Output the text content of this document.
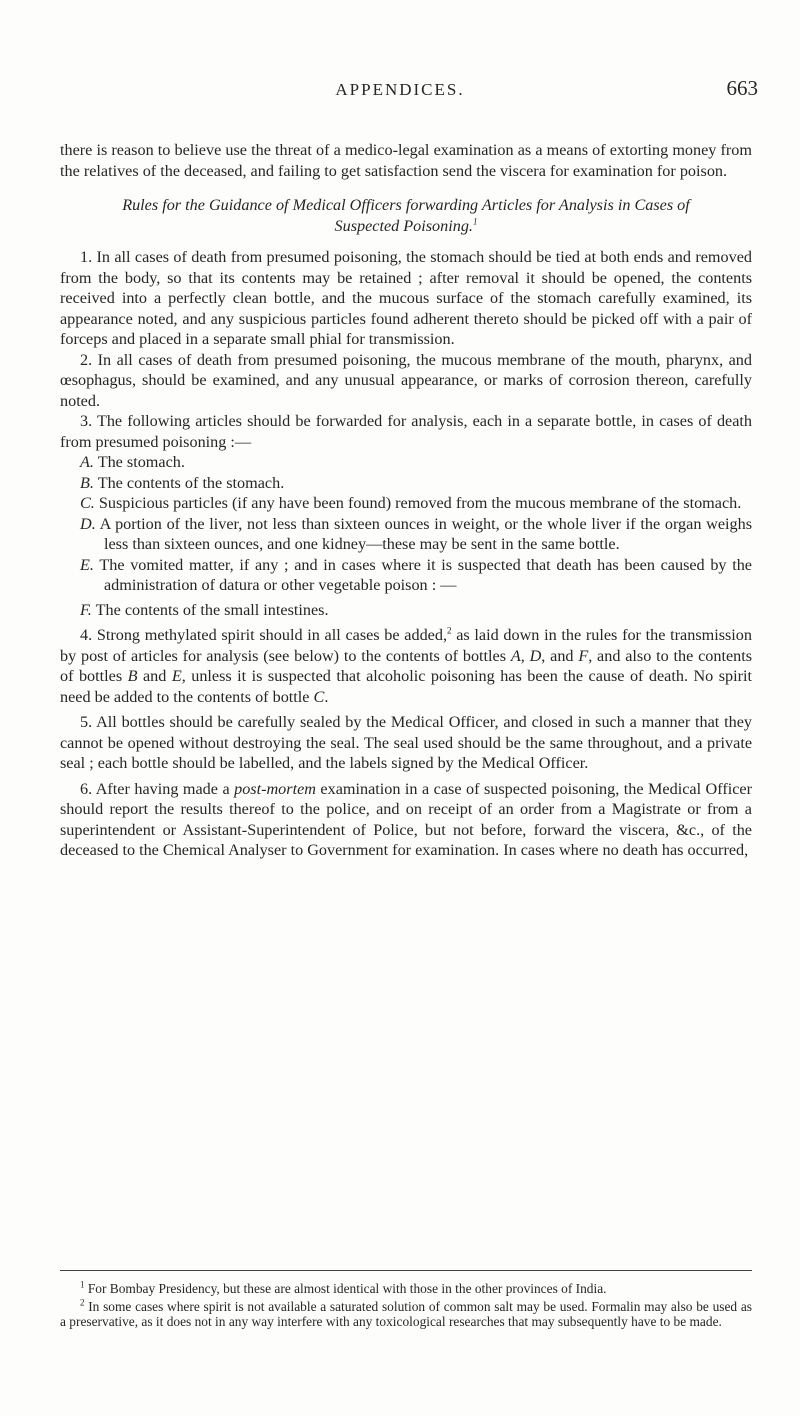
APPENDICES.	663

there is reason to believe use the threat of a medico-legal examination as a means of extorting money from the relatives of the deceased, and failing to get satisfaction send the viscera for examination for poison.

Rules for the Guidance of Medical Officers forwarding Articles for Analysis in Cases of Suspected Poisoning.$^1$

1. In all cases of death from presumed poisoning, the stomach should be tied at both ends and removed from the body, so that its contents may be retained ; after removal it should be opened, the contents received into a perfectly clean bottle, and the mucous surface of the stomach carefully examined, its appearance noted, and any suspicious particles found adherent thereto should be picked off with a pair of forceps and placed in a separate small phial for transmission.

2. In all cases of death from presumed poisoning, the mucous membrane of the mouth, pharynx, and œsophagus, should be examined, and any unusual appearance, or marks of corrosion thereon, carefully noted.

3. The following articles should be forwarded for analysis, each in a separate bottle, in cases of death from presumed poisoning :—

A. The stomach.
B. The contents of the stomach.
C. Suspicious particles (if any have been found) removed from the mucous membrane of the stomach.
D. A portion of the liver, not less than sixteen ounces in weight, or the whole liver if the organ weighs less than sixteen ounces, and one kidney—these may be sent in the same bottle.
E. The vomited matter, if any ; and in cases where it is suspected that death has been caused by the administration of datura or other vegetable poison : —
F. The contents of the small intestines.

4. Strong methylated spirit should in all cases be added,$^2$ as laid down in the rules for the transmission by post of articles for analysis (see below) to the contents of bottles A, D, and F, and also to the contents of bottles B and E, unless it is suspected that alcoholic poisoning has been the cause of death. No spirit need be added to the contents of bottle C.

5. All bottles should be carefully sealed by the Medical Officer, and closed in such a manner that they cannot be opened without destroying the seal. The seal used should be the same throughout, and a private seal ; each bottle should be labelled, and the labels signed by the Medical Officer.

6. After having made a post-mortem examination in a case of suspected poisoning, the Medical Officer should report the results thereof to the police, and on receipt of an order from a Magistrate or from a superintendent or Assistant-Superintendent of Police, but not before, forward the viscera, &c., of the deceased to the Chemical Analyser to Government for examination. In cases where no death has occurred,

$^1$ For Bombay Presidency, but these are almost identical with those in the other provinces of India.

$^2$ In some cases where spirit is not available a saturated solution of common salt may be used. Formalin may also be used as a preservative, as it does not in any way interfere with any toxicological researches that may subsequently have to be made.
